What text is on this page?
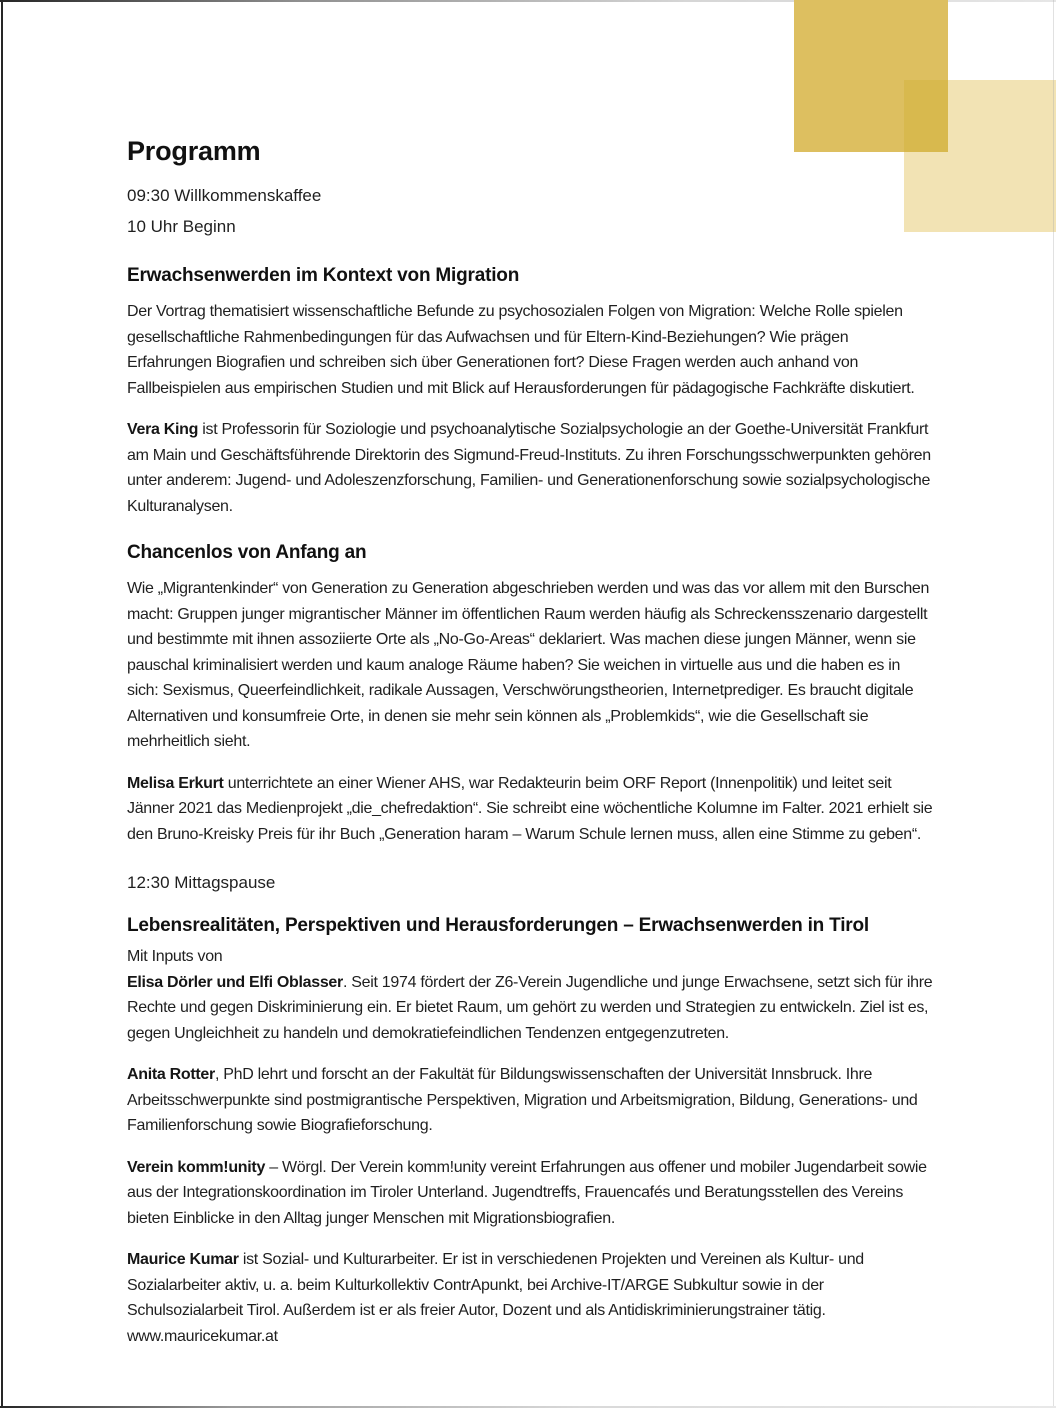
Programm
09:30 Willkommenskaffee
10 Uhr Beginn
Erwachsenwerden im Kontext von Migration

Der Vortrag thematisiert wissenschaftliche Befunde zu psychosozialen Folgen von Migration: Welche Rolle spielen gesellschaftliche Rahmenbedingungen für das Aufwachsen und für Eltern-Kind-Beziehungen? Wie prägen Erfahrungen Biografien und schreiben sich über Generationen fort? Diese Fragen werden auch anhand von Fallbeispielen aus empirischen Studien und mit Blick auf Herausforderungen für pädagogische Fachkräfte diskutiert.

Vera King ist Professorin für Soziologie und psychoanalytische Sozialpsychologie an der Goethe-Universität Frankfurt am Main und Geschäftsführende Direktorin des Sigmund-Freud-Instituts. Zu ihren Forschungsschwerpunkten gehören unter anderem: Jugend- und Adoleszenzforschung, Familien- und Generationenforschung sowie sozialpsychologische Kulturanalysen.

Chancenlos von Anfang an

Wie „Migrantenkinder“ von Generation zu Generation abgeschrieben werden und was das vor allem mit den Burschen macht: Gruppen junger migrantischer Männer im öffentlichen Raum werden häufig als Schreckensszenario dargestellt und bestimmte mit ihnen assoziierte Orte als „No-Go-Areas“ deklariert. Was machen diese jungen Männer, wenn sie pauschal kriminalisiert werden und kaum analoge Räume haben? Sie weichen in virtuelle aus und die haben es in sich: Sexismus, Queerfeindlichkeit, radikale Aussagen, Verschwörungstheorien, Internetprediger. Es braucht digitale Alternativen und konsumfreie Orte, in denen sie mehr sein können als „Problemkids“, wie die Gesellschaft sie mehrheitlich sieht.

Melisa Erkurt unterrichtete an einer Wiener AHS, war Redakteurin beim ORF Report (Innenpolitik) und leitet seit Jänner 2021 das Medienprojekt „die_chefredaktion“. Sie schreibt eine wöchentliche Kolumne im Falter. 2021 erhielt sie den Bruno-Kreisky Preis für ihr Buch „Generation haram – Warum Schule lernen muss, allen eine Stimme zu geben“.

12:30 Mittagspause
Lebensrealitäten, Perspektiven und Herausforderungen – Erwachsenwerden in Tirol

Mit Inputs von

Elisa Dörler und Elfi Oblasser. Seit 1974 fördert der Z6-Verein Jugendliche und junge Erwachsene, setzt sich für ihre Rechte und gegen Diskriminierung ein. Er bietet Raum, um gehört zu werden und Strategien zu entwickeln. Ziel ist es, gegen Ungleichheit zu handeln und demokratiefeindlichen Tendenzen entgegenzutreten.

Anita Rotter, PhD lehrt und forscht an der Fakultät für Bildungswissenschaften der Universität Innsbruck. Ihre Arbeitsschwerpunkte sind postmigrantische Perspektiven, Migration und Arbeitsmigration, Bildung, Generations- und Familienforschung sowie Biografieforschung.

Verein komm!unity – Wörgl. Der Verein komm!unity vereint Erfahrungen aus offener und mobiler Jugendarbeit sowie aus der Integrationskoordination im Tiroler Unterland. Jugendtreffs, Frauencafés und Beratungsstellen des Vereins bieten Einblicke in den Alltag junger Menschen mit Migrationsbiografien.

Maurice Kumar ist Sozial- und Kulturarbeiter. Er ist in verschiedenen Projekten und Vereinen als Kultur- und Sozialarbeiter aktiv, u. a. beim Kulturkollektiv ContrApunkt, bei Archive-IT/ARGE Subkultur sowie in der Schulsozialarbeit Tirol. Außerdem ist er als freier Autor, Dozent und als Antidiskriminierungstrainer tätig.

www.mauricekumar.at
